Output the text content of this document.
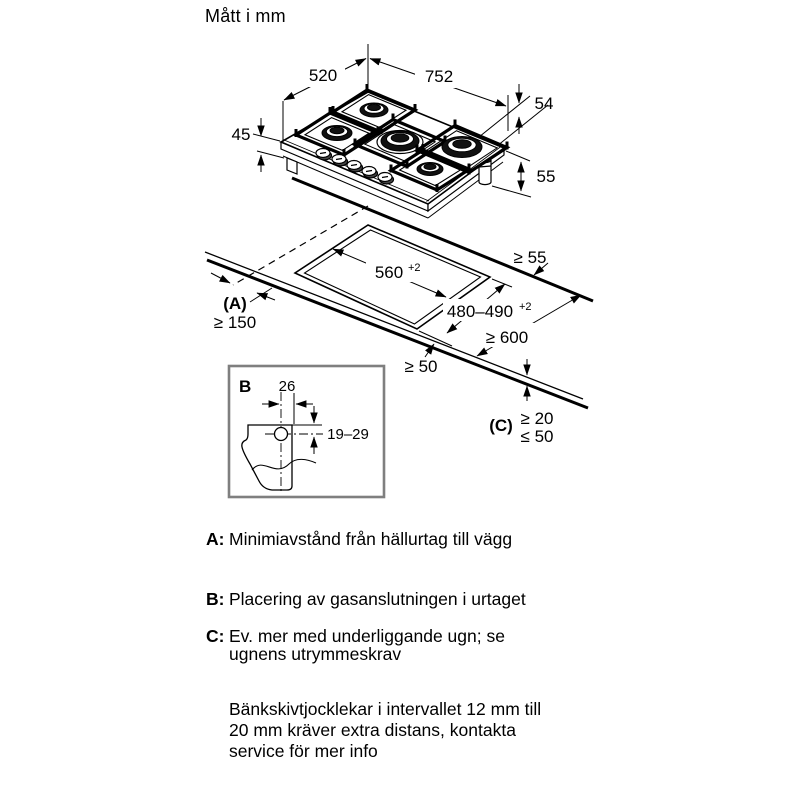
Mått i mm
520	752
54
45
55
560 +2
480–490 +2
≥ 55
≥ 600
≥ 50
(A)
≥ 150
(C) ≥ 20
≤ 50
B 26
19–29
A: Minimiavstånd från hällurtag till vägg
B: Placering av gasanslutningen i urtaget
C: Ev. mer med underliggande ugn; se
ugnens utrymmeskrav
Bänkskivtjocklekar i intervallet 12 mm till
20 mm kräver extra distans, kontakta
service för mer info
